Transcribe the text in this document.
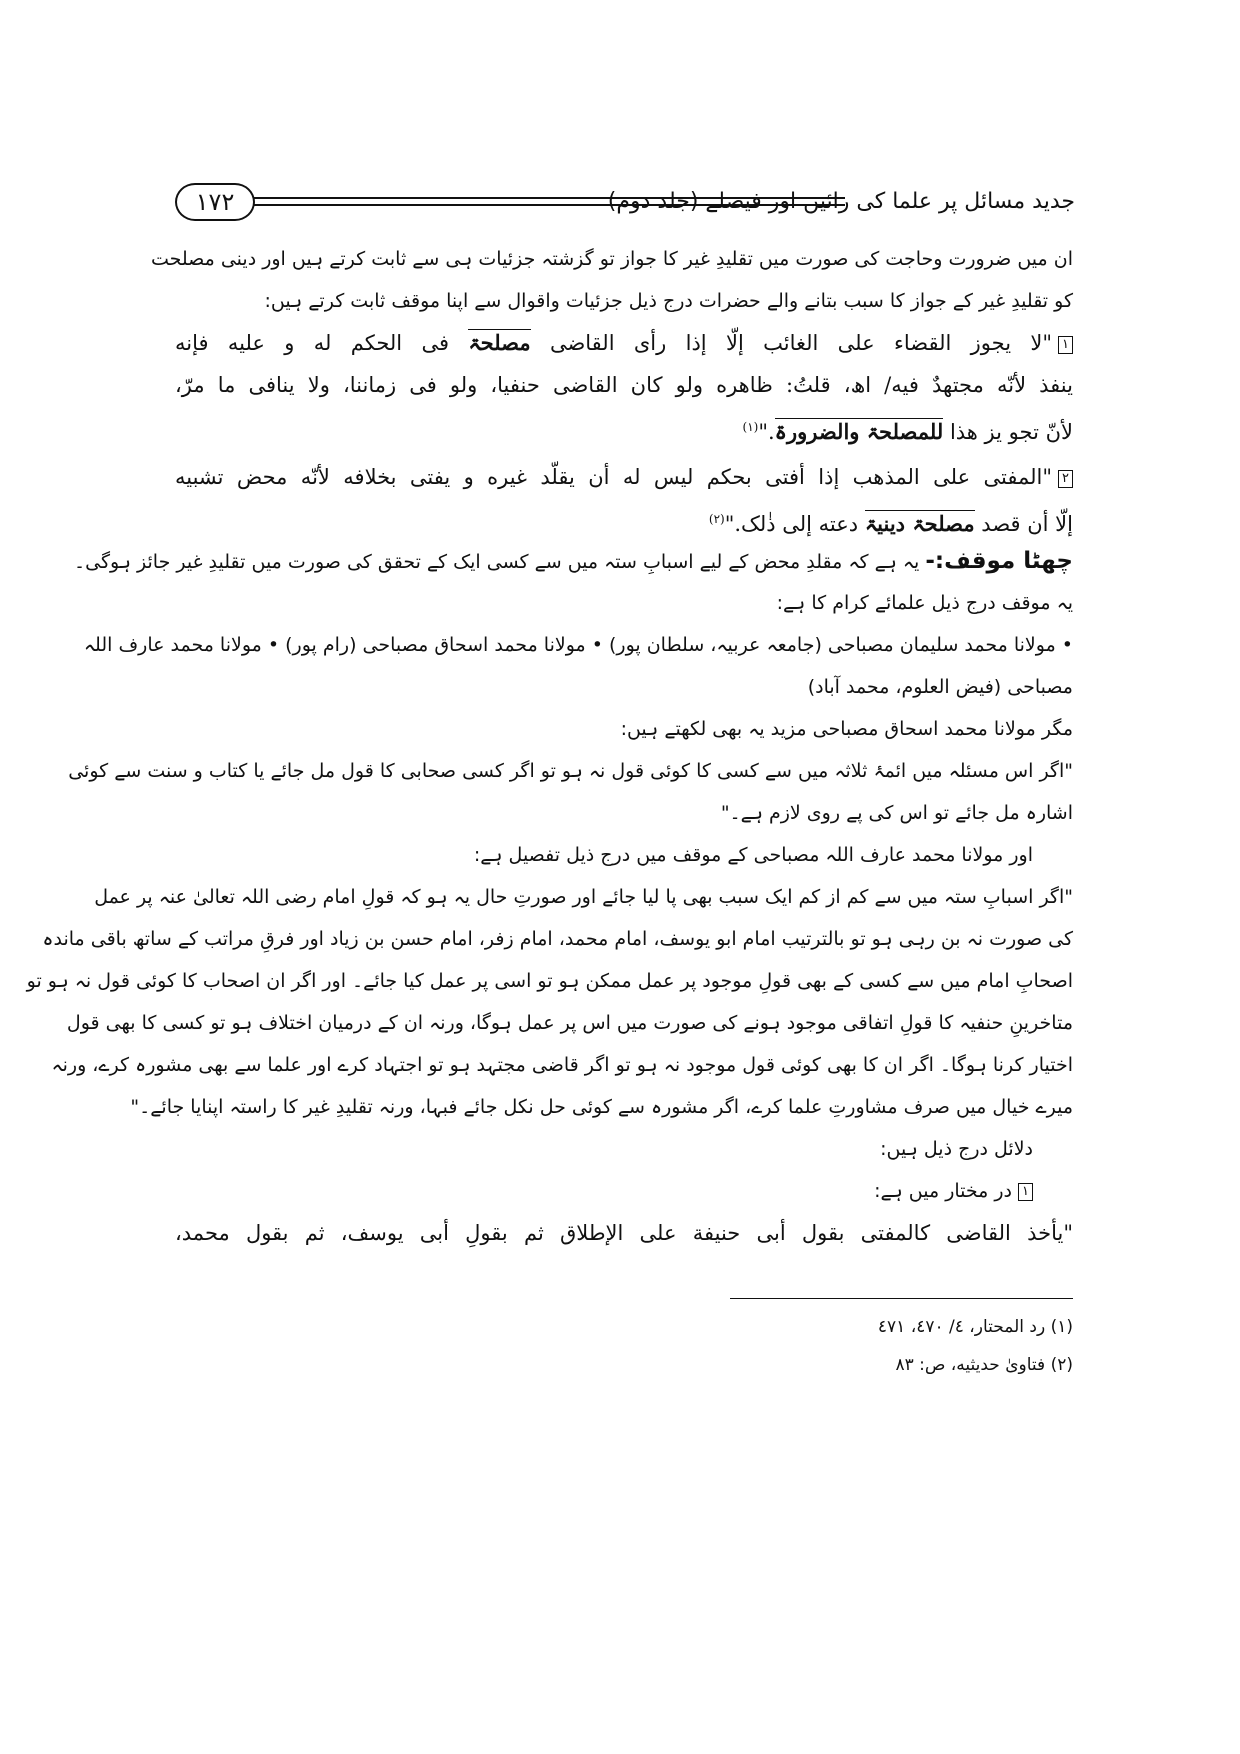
۱۷۲	جدید مسائل پر علما کی رائیں اور فیصلے (جلد دوم)
ان میں ضرورت وحاجت کی صورت میں تقلیدِ غیر کا جواز تو گزشتہ جزئیات ہی سے ثابت کرتے ہیں اور دینی مصلحت
کو تقلیدِ غیر کے جواز کا سبب بتانے والے حضرات درج ذیل جزئیات واقوال سے اپنا موقف ثابت کرتے ہیں:
۱"لا یجوز القضاء علی الغائب إلّا إذا رأی القاضی مصلحۃ فی الحکم له و علیه فإنه
ینفذ لأنّه مجتهدٌ فیه/ اھ، قلتُ: ظاهره ولو کان القاضی حنفیا، ولو فی زماننا، ولا ینافی ما مرّ،
لأنّ تجو یز هذا للمصلحۃ والضرورۃ."$^{(۱)}$
۲"المفتی علی المذهب إذا أفتی بحکم لیس له أن یقلّد غیره و یفتی بخلافه لأنّه محض تشبیه
إلّا أن قصد مصلحۃ دینیۃ دعته إلی ذٰلک."$^{(۲)}$
چھٹا موقف:- یہ ہے کہ مقلدِ محض کے لیے اسبابِ ستہ میں سے کسی ایک کے تحقق کی صورت میں تقلیدِ غیر جائز ہوگی۔
یہ موقف درج ذیل علمائے کرام کا ہے:
• مولانا محمد سلیمان مصباحی (جامعہ عربیہ، سلطان پور) • مولانا محمد اسحاق مصباحی (رام پور) • مولانا محمد عارف اللہ
مصباحی (فیض العلوم، محمد آباد)
مگر مولانا محمد اسحاق مصباحی مزید یہ بھی لکھتے ہیں:
"اگر اس مسئلہ میں ائمۂ ثلاثہ میں سے کسی کا کوئی قول نہ ہو تو اگر کسی صحابی کا قول مل جائے یا کتاب و سنت سے کوئی
اشارہ مل جائے تو اس کی پے روی لازم ہے۔"
اور مولانا محمد عارف اللہ مصباحی کے موقف میں درج ذیل تفصیل ہے:
"اگر اسبابِ ستہ میں سے کم از کم ایک سبب بھی پا لیا جائے اور صورتِ حال یہ ہو کہ قولِ امام رضی اللہ تعالیٰ عنہ پر عمل
کی صورت نہ بن رہی ہو تو بالترتیب امام ابو یوسف، امام محمد، امام زفر، امام حسن بن زیاد اور فرقِ مراتب کے ساتھ باقی ماندہ
اصحابِ امام میں سے کسی کے بھی قولِ موجود پر عمل ممکن ہو تو اسی پر عمل کیا جائے۔ اور اگر ان اصحاب کا کوئی قول نہ ہو تو
متاخرینِ حنفیہ کا قولِ اتفاقی موجود ہونے کی صورت میں اس پر عمل ہوگا، ورنہ ان کے درمیان اختلاف ہو تو کسی کا بھی قول
اختیار کرنا ہوگا۔ اگر ان کا بھی کوئی قول موجود نہ ہو تو اگر قاضی مجتہد ہو تو اجتہاد کرے اور علما سے بھی مشورہ کرے، ورنہ
میرے خیال میں صرف مشاورتِ علما کرے، اگر مشورہ سے کوئی حل نکل جائے فبہا، ورنہ تقلیدِ غیر کا راستہ اپنایا جائے۔"
دلائل درج ذیل ہیں:
۱در مختار میں ہے:
"یأخذ القاضی کالمفتی بقول أبی حنیفة علی الإطلاق ثم بقولِ أبی یوسف، ثم بقول محمد،
(۱) رد المحتار، ٤/ ٤٧٠، ٤٧١
(۲) فتاویٰ حدیثیه، ص: ۸۳
